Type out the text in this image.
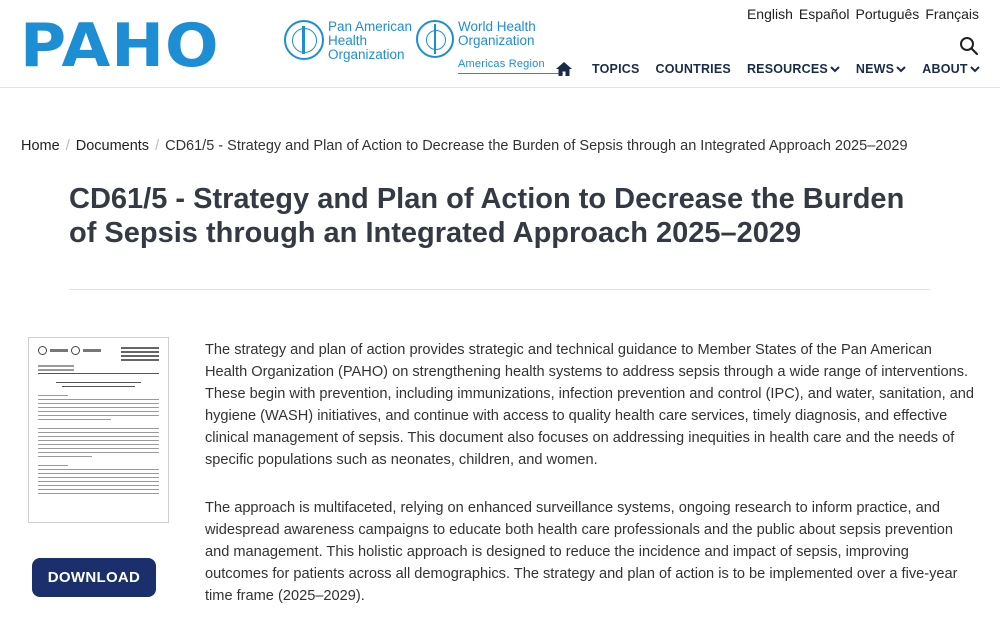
PAHO	Pan American
Health
Organization
World Health
Organization
Americas Region
English Español Português Français
TOPICS COUNTRIES RESOURCES NEWS ABOUT
Home / Documents / CD61/5 - Strategy and Plan of Action to Decrease the Burden of Sepsis through an Integrated Approach 2025–2029
CD61/5 - Strategy and Plan of Action to Decrease the Burden of Sepsis through an Integrated Approach 2025–2029
DOWNLOAD

The strategy and plan of action provides strategic and technical guidance to Member States of the Pan American Health Organization (PAHO) on strengthening health systems to address sepsis through a wide range of interventions. These begin with prevention, including immunizations, infection prevention and control (IPC), and water, sanitation, and hygiene (WASH) initiatives, and continue with access to quality health care services, timely diagnosis, and effective clinical management of sepsis. This document also focuses on addressing inequities in health care and the needs of specific populations such as neonates, children, and women.

The approach is multifaceted, relying on enhanced surveillance systems, ongoing research to inform practice, and widespread awareness campaigns to educate both health care professionals and the public about sepsis prevention and management. This holistic approach is designed to reduce the incidence and impact of sepsis, improving outcomes for patients across all demographics. The strategy and plan of action is to be implemented over a five-year time frame (2025–2029).
